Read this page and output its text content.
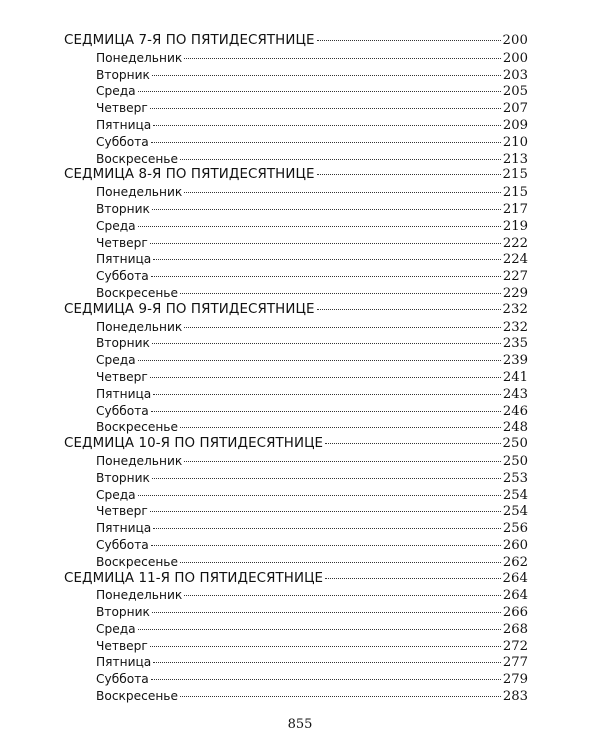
СЕДМИЦА 7-Я ПО ПЯТИДЕСЯТНИЦЕ	200
Понедельник	200
Вторник	203
Среда	205
Четверг	207
Пятница	209
Суббота	210
Воскресенье	213
СЕДМИЦА 8-Я ПО ПЯТИДЕСЯТНИЦЕ	215
Понедельник	215
Вторник	217
Среда	219
Четверг	222
Пятница	224
Суббота	227
Воскресенье	229
СЕДМИЦА 9-Я ПО ПЯТИДЕСЯТНИЦЕ	232
Понедельник	232
Вторник	235
Среда	239
Четверг	241
Пятница	243
Суббота	246
Воскресенье	248
СЕДМИЦА 10-Я ПО ПЯТИДЕСЯТНИЦЕ	250
Понедельник	250
Вторник	253
Среда	254
Четверг	254
Пятница	256
Суббота	260
Воскресенье	262
СЕДМИЦА 11-Я ПО ПЯТИДЕСЯТНИЦЕ	264
Понедельник	264
Вторник	266
Среда	268
Четверг	272
Пятница	277
Суббота	279
Воскресенье	283
855
